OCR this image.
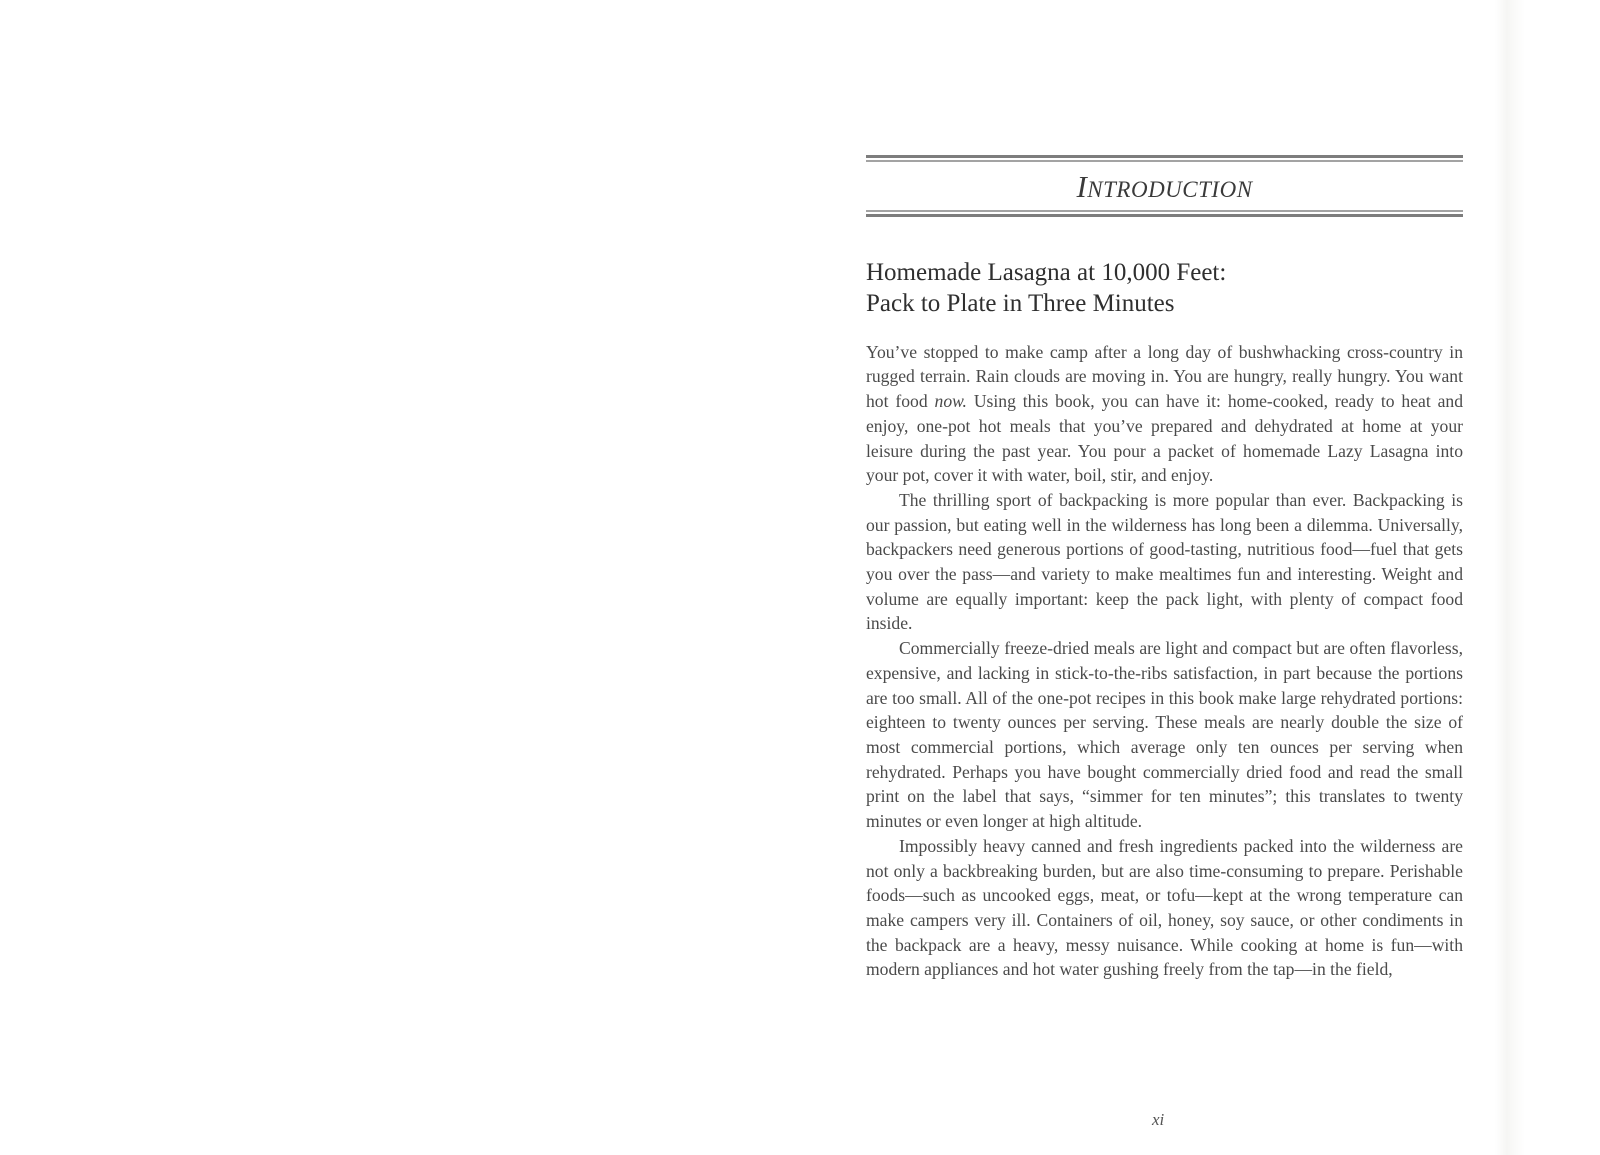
INTRODUCTION
Homemade Lasagna at 10,000 Feet:
Pack to Plate in Three Minutes

You’ve stopped to make camp after a long day of bushwhacking cross-country in rugged terrain. Rain clouds are moving in. You are hungry, really hungry. You want hot food now. Using this book, you can have it: home-cooked, ready to heat and enjoy, one-pot hot meals that you’ve prepared and dehydrated at home at your leisure during the past year. You pour a packet of homemade Lazy Lasagna into your pot, cover it with water, boil, stir, and enjoy.

The thrilling sport of backpacking is more popular than ever. Backpacking is our passion, but eating well in the wilderness has long been a dilemma. Universally, backpackers need generous portions of good-tasting, nutritious food—fuel that gets you over the pass—and variety to make mealtimes fun and interesting. Weight and volume are equally important: keep the pack light, with plenty of compact food inside.

Commercially freeze-dried meals are light and compact but are often flavorless, expensive, and lacking in stick-to-the-ribs satisfaction, in part because the portions are too small. All of the one-pot recipes in this book make large rehydrated portions: eighteen to twenty ounces per serving. These meals are nearly double the size of most commercial portions, which average only ten ounces per serving when rehydrated. Perhaps you have bought commercially dried food and read the small print on the label that says, “simmer for ten minutes”; this translates to twenty minutes or even longer at high altitude.

Impossibly heavy canned and fresh ingredients packed into the wilderness are not only a backbreaking burden, but are also time-consuming to prepare. Perishable foods—such as uncooked eggs, meat, or tofu—kept at the wrong temperature can make campers very ill. Containers of oil, honey, soy sauce, or other condiments in the backpack are a heavy, messy nuisance. While cooking at home is fun—with modern appliances and hot water gushing freely from the tap—in the field,

xi
